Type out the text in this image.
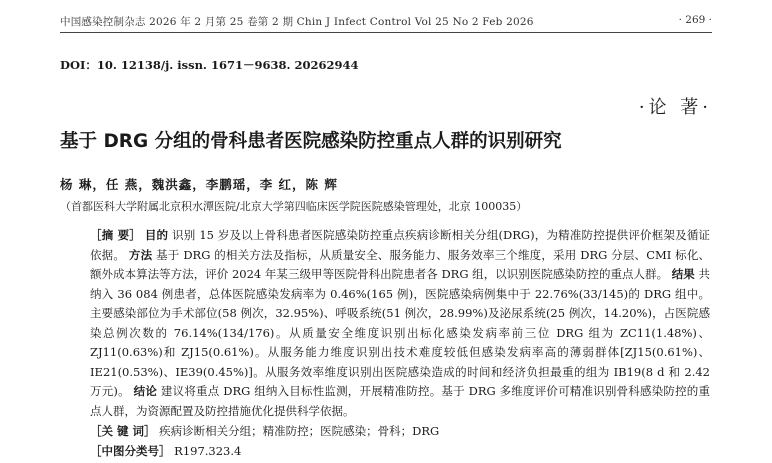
中国感染控制杂志 2026 年 2 月第 25 卷第 2 期 Chin J Infect Control Vol 25 No 2 Feb 2026	· 269 ·
DOI：10. 12138/j. issn. 1671－9638. 20262944
·论 著·
基于 DRG 分组的骨科患者医院感染防控重点人群的识别研究
杨 琳，任 燕，魏洪鑫，李鹏瑶，李 红，陈 辉
（首都医科大学附属北京积水潭医院/北京大学第四临床医学院医院感染管理处，北京 100035）
［摘 要］ 目的 识别 15 岁及以上骨科患者医院感染防控重点疾病诊断相关分组(DRG)，为精准防控提供评价框架及循证依据。 方法 基于 DRG 的相关方法及指标，从质量安全、服务能力、服务效率三个维度，采用 DRG 分层、CMI 标化、额外成本算法等方法，评价 2024 年某三级甲等医院骨科出院患者各 DRG 组，以识别医院感染防控的重点人群。 结果 共纳入 36 084 例患者，总体医院感染发病率为 0.46%(165 例)，医院感染病例集中于 22.76%(33/145)的 DRG 组中。主要感染部位为手术部位(58 例次，32.95%)、呼吸系统(51 例次，28.99%)及泌尿系统(25 例次，14.20%)，占医院感染总例次数的 76.14%(134/176)。从质量安全维度识别出标化感染发病率前三位 DRG 组为 ZC11(1.48%)、ZJ11(0.63%)和 ZJ15(0.61%)。从服务能力维度识别出技术难度较低但感染发病率高的薄弱群体[ZJ15(0.61%)、IE21(0.53%)、IE39(0.45%)]。从服务效率维度识别出医院感染造成的时间和经济负担最重的组为 IB19(8 d 和 2.42 万元)。 结论 建议将重点 DRG 组纳入目标性监测，开展精准防控。基于 DRG 多维度评价可精准识别骨科感染防控的重点人群，为资源配置及防控措施优化提供科学依据。
［关 键 词］ 疾病诊断相关分组；精准防控；医院感染；骨科；DRG
［中图分类号］ R197.323.4
